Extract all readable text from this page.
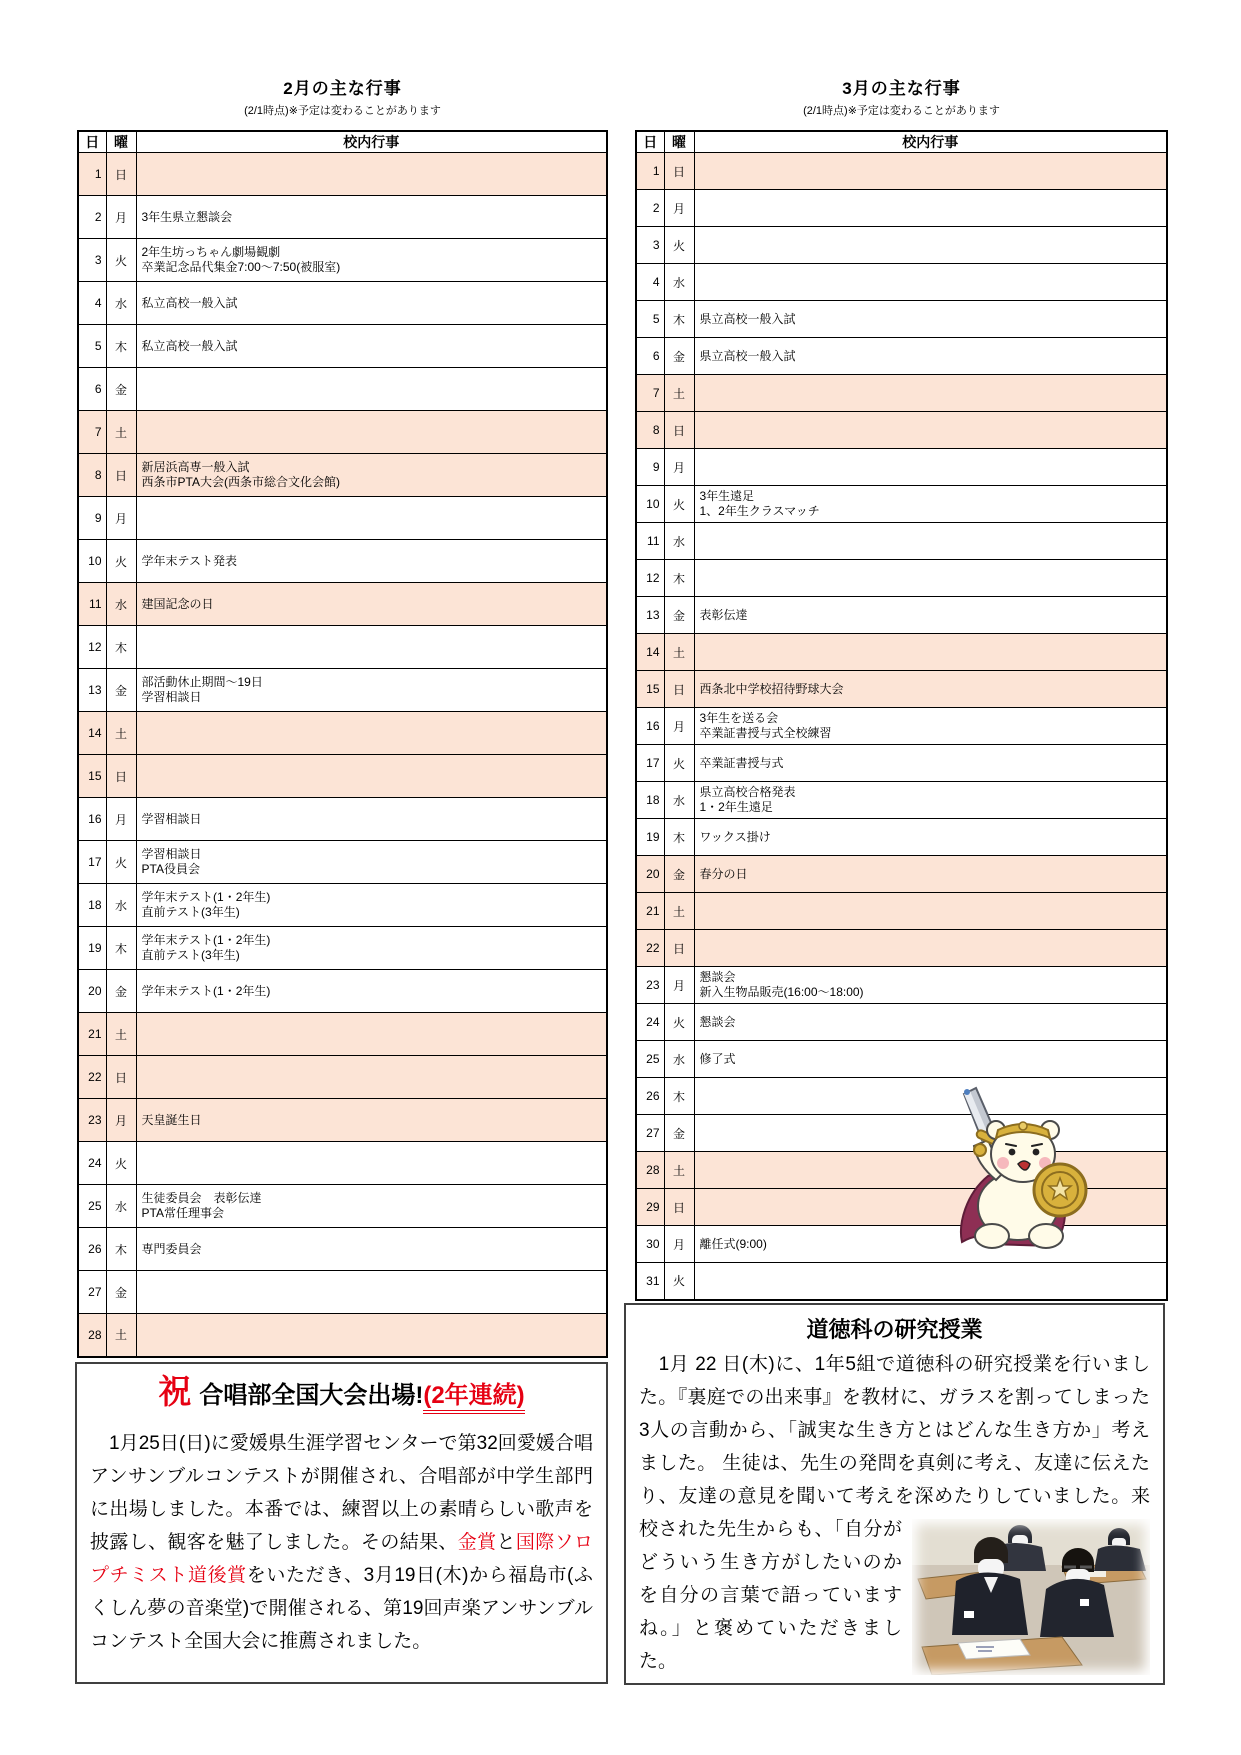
2月の主な行事
(2/1時点)※予定は変わることがあります
3月の主な行事
(2/1時点)※予定は変わることがあります
日	曜	校内行事
1	日	
2	月	3年生県立懇談会

3	火	2年生坊っちゃん劇場観劇
卒業記念品代集金7:00～7:50(被服室)

4	水	私立高校一般入試

5	木	私立高校一般入試

6	金	
7	土	
8	日	新居浜高専一般入試
西条市PTA大会(西条市総合文化会館)

9	月	
10	火	学年末テスト発表

11	水	建国記念の日

12	木	
13	金	部活動休止期間～19日
学習相談日

14	土	
15	日	
16	月	学習相談日

17	火	学習相談日
PTA役員会

18	水	学年末テスト(1・2年生)
直前テスト(3年生)

19	木	学年末テスト(1・2年生)
直前テスト(3年生)

20	金	学年末テスト(1・2年生)

21	土	
22	日	
23	月	天皇誕生日

24	火	
25	水	生徒委員会　表彰伝達
PTA常任理事会

26	木	専門委員会

27	金	
28	土	
日	曜	校内行事
1	日	
2	月	
3	火	
4	水	
5	木	県立高校一般入試

6	金	県立高校一般入試

7	土	
8	日	
9	月	
10	火	3年生遠足
1、2年生クラスマッチ

11	水	
12	木	
13	金	表彰伝達

14	土	
15	日	西条北中学校招待野球大会

16	月	3年生を送る会
卒業証書授与式全校練習

17	火	卒業証書授与式

18	水	県立高校合格発表
1・2年生遠足

19	木	ワックス掛け

20	金	春分の日

21	土	
22	日	
23	月	懇談会
新入生物品販売(16:00～18:00)

24	火	懇談会

25	水	修了式

26	木	
27	金	
28	土	
29	日	
30	月	離任式(9:00)

31	火	
祝 合唱部全国大会出場!(2年連続)
　1月25日(日)に愛媛県生涯学習センターで第32回愛媛合唱アンサンブルコンテストが開催され、合唱部が中学生部門に出場しました。本番では、練習以上の素晴らしい歌声を披露し、観客を魅了しました。その結果、金賞と国際ソロプチミスト道後賞をいただき、3月19日(木)から福島市(ふくしん夢の音楽堂)で開催される、第19回声楽アンサンブルコンテスト全国大会に推薦されました。
道徳科の研究授業
　1月 22 日(木)に、1年5組で道徳科の研究授業を行いました。『裏庭での出来事』を教材に、ガラスを割ってしまった3人の言動から、「誠実な生き方とはどんな生き方か」考えました。 生徒は、先生の発問を真剣に考え、友達に伝えたり、友達の意見を聞いて考えを深めたりし
ていました。来校された先生からも、「自分がどういう生き方がしたいのかを自分の言葉で語っていますね。」と褒めていただきました。
